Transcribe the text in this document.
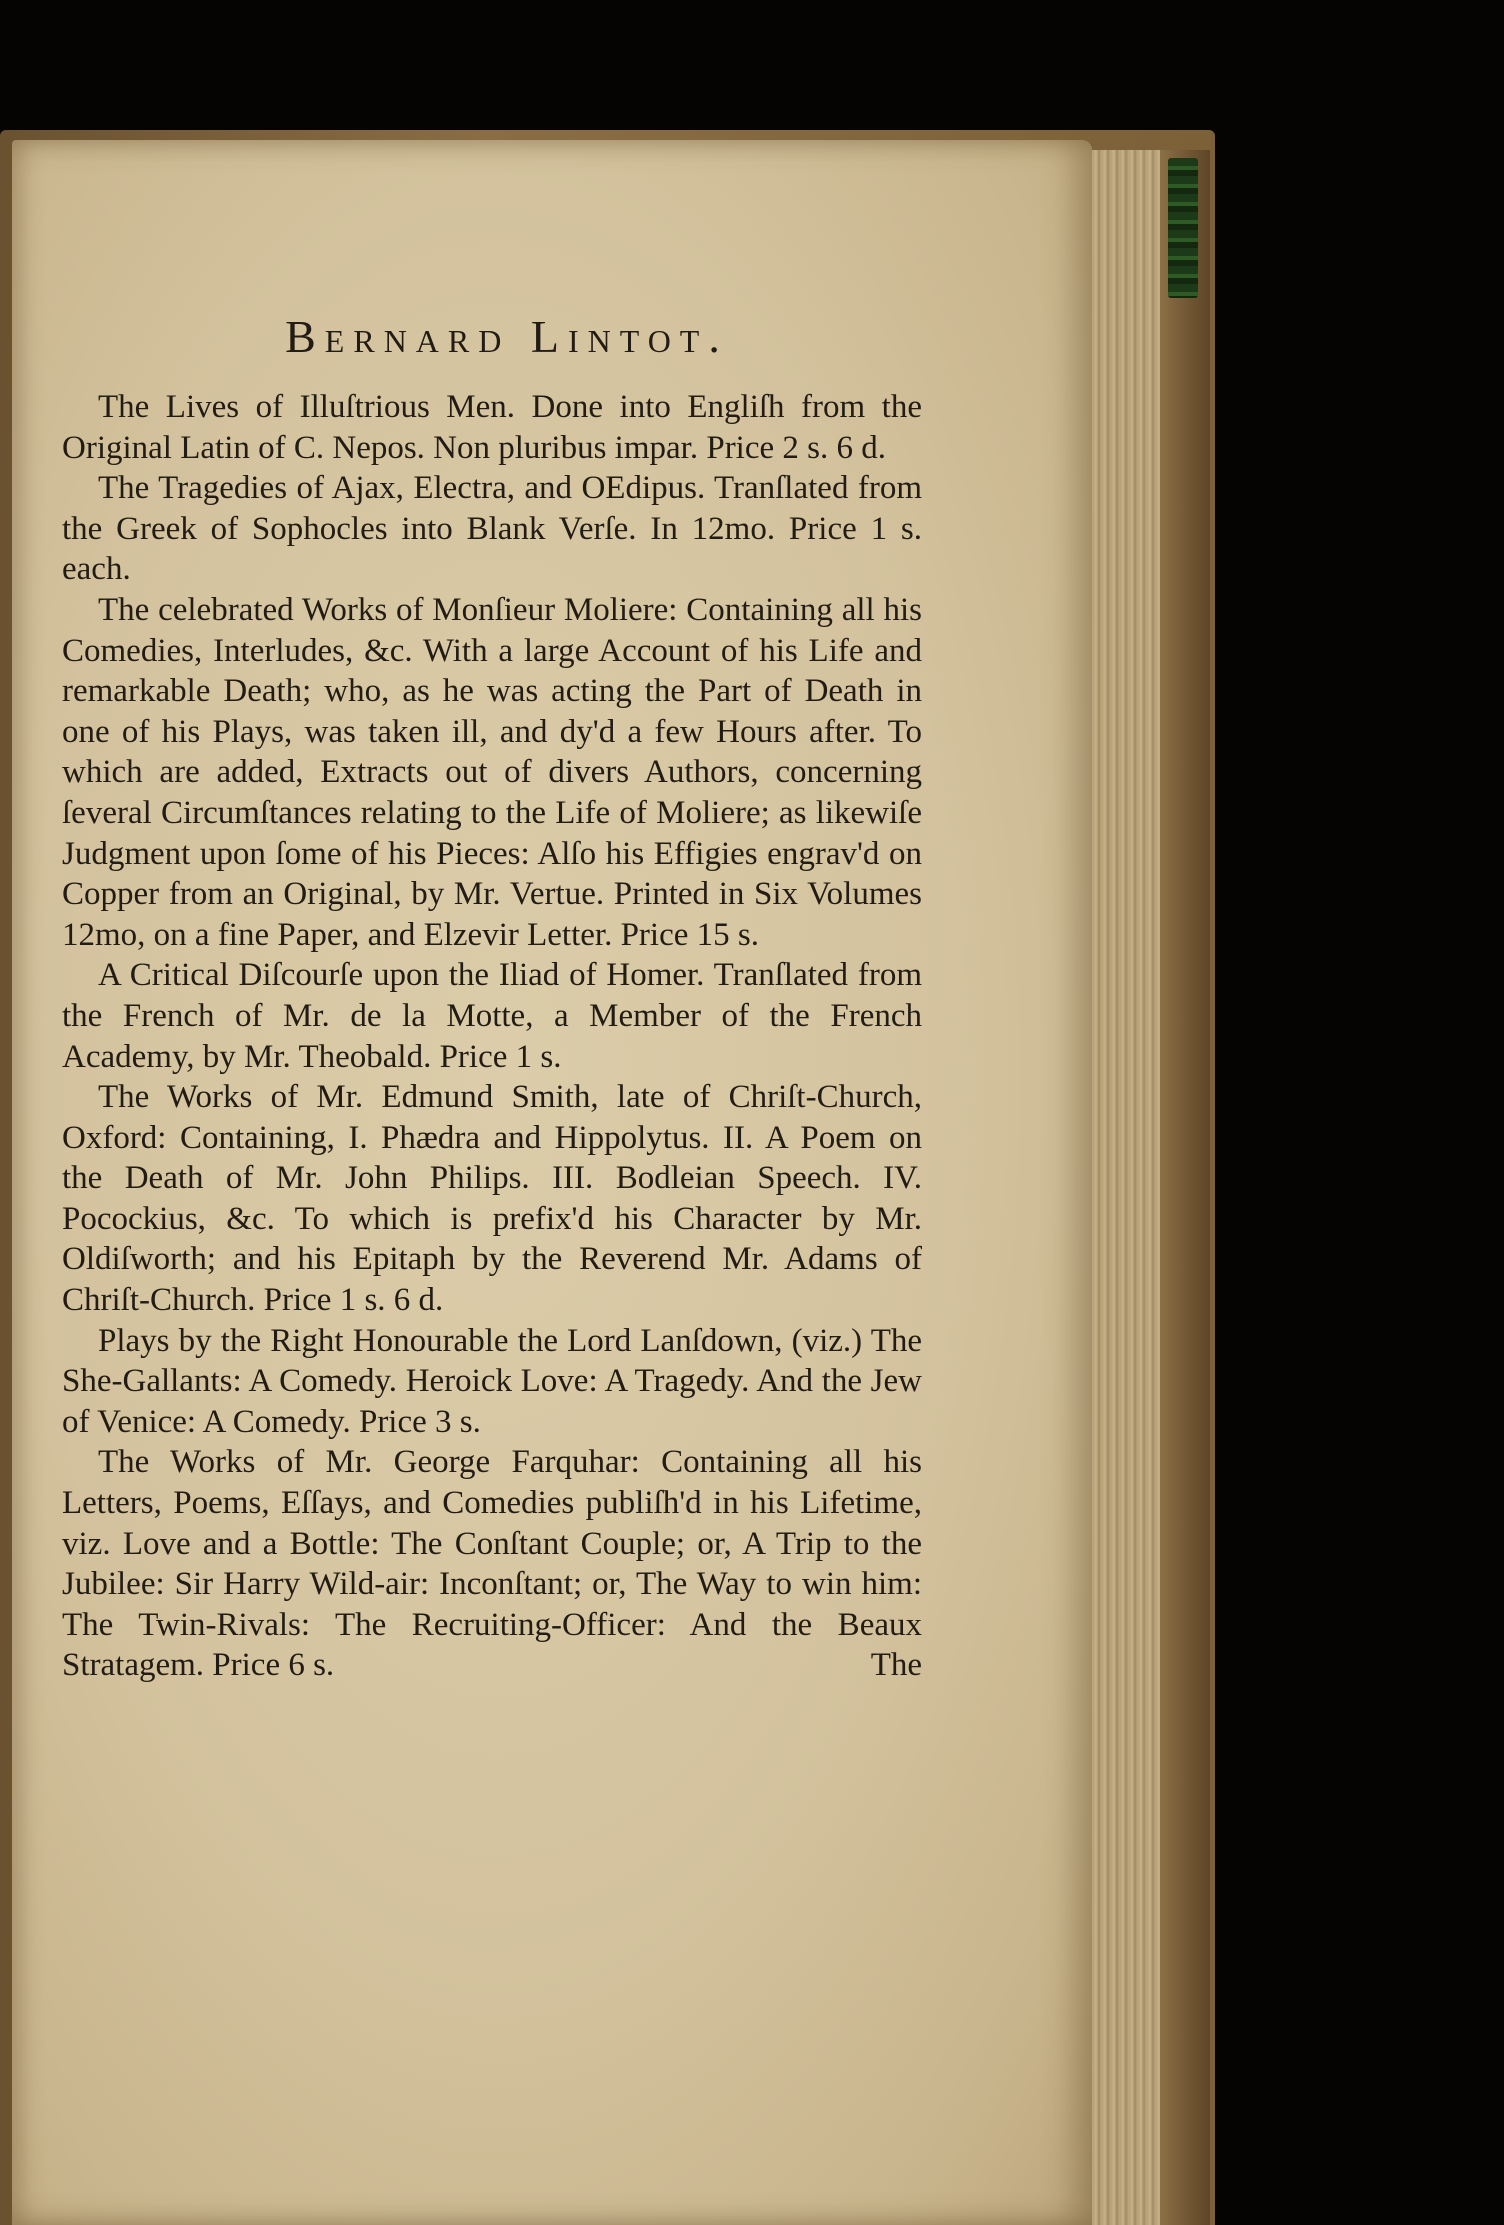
Bernard Lintot.

The Lives of Illuſtrious Men. Done into Engliſh from the Original Latin of C. Nepos. Non pluribus impar. Price 2 s. 6 d.

The Tragedies of Ajax, Electra, and OEdipus. Tranſlated from the Greek of Sophocles into Blank Verſe. In 12mo. Price 1 s. each.

The celebrated Works of Monſieur Moliere: Containing all his Comedies, Interludes, &c. With a large Account of his Life and remarkable Death; who, as he was acting the Part of Death in one of his Plays, was taken ill, and dy'd a few Hours after. To which are added, Extracts out of divers Authors, concerning ſeveral Circumſtances relating to the Life of Moliere; as likewiſe Judgment upon ſome of his Pieces: Alſo his Effigies engrav'd on Copper from an Original, by Mr. Vertue. Printed in Six Volumes 12mo, on a fine Paper, and Elzevir Letter. Price 15 s.

A Critical Diſcourſe upon the Iliad of Homer. Tranſlated from the French of Mr. de la Motte, a Member of the French Academy, by Mr. Theobald. Price 1 s.

The Works of Mr. Edmund Smith, late of Chriſt-Church, Oxford: Containing, I. Phædra and Hippolytus. II. A Poem on the Death of Mr. John Philips. III. Bodleian Speech. IV. Pocockius, &c. To which is prefix'd his Character by Mr. Oldiſworth; and his Epitaph by the Reverend Mr. Adams of Chriſt-Church. Price 1 s. 6 d.

Plays by the Right Honourable the Lord Lanſdown, (viz.) The She-Gallants: A Comedy. Heroick Love: A Tragedy. And the Jew of Venice: A Comedy. Price 3 s.

The Works of Mr. George Farquhar: Containing all his Letters, Poems, Eſſays, and Comedies publiſh'd in his Lifetime, viz. Love and a Bottle: The Conſtant Couple; or, A Trip to the Jubilee: Sir Harry Wild-air: Inconſtant; or, The Way to win him: The Twin-Rivals: The Recruiting-Officer: And the Beaux Stratagem. Price 6 s.	The
